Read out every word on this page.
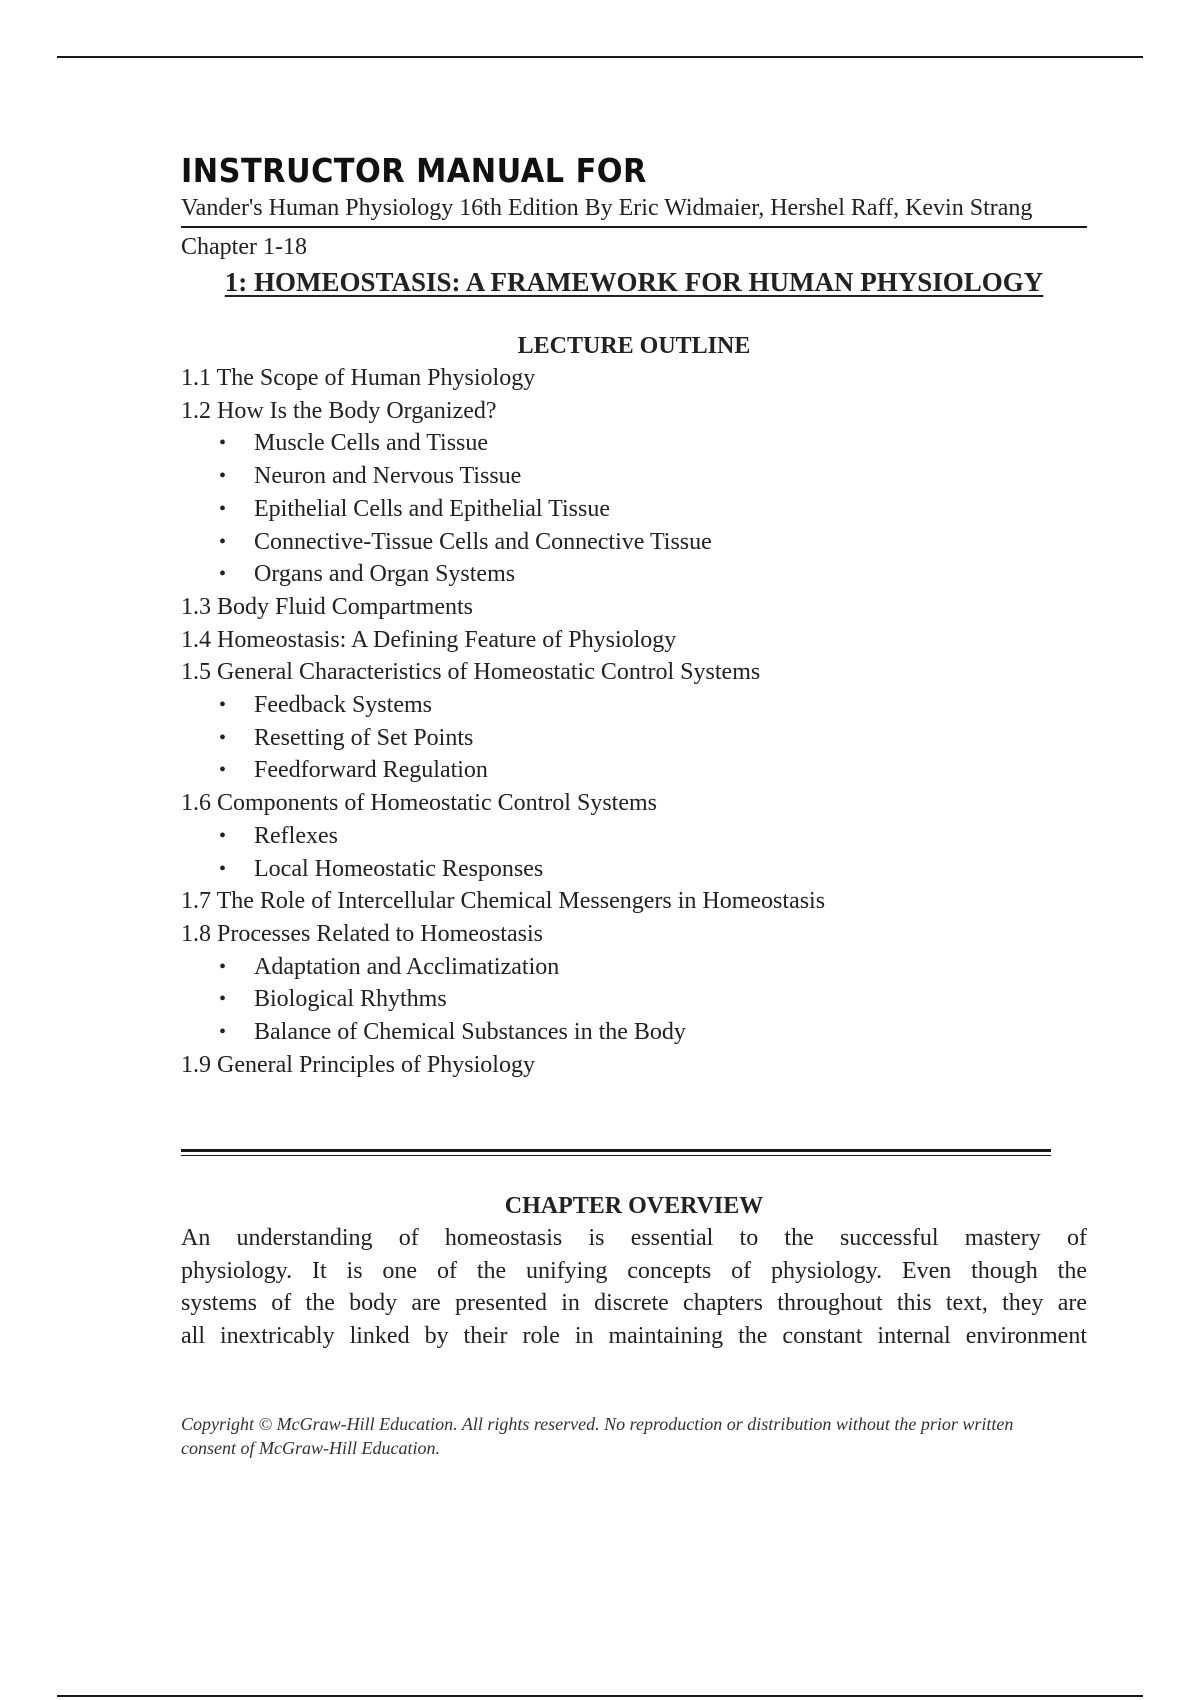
INSTRUCTOR MANUAL FOR

Vander's Human Physiology 16th Edition By Eric Widmaier, Hershel Raff, Kevin Strang

Chapter 1-18
1: HOMEOSTASIS: A FRAMEWORK FOR HUMAN PHYSIOLOGY
LECTURE OUTLINE
1.1 The Scope of Human Physiology
1.2 How Is the Body Organized?
• Muscle Cells and Tissue
• Neuron and Nervous Tissue
• Epithelial Cells and Epithelial Tissue
• Connective-Tissue Cells and Connective Tissue
• Organs and Organ Systems
1.3 Body Fluid Compartments
1.4 Homeostasis: A Defining Feature of Physiology
1.5 General Characteristics of Homeostatic Control Systems
• Feedback Systems
• Resetting of Set Points
• Feedforward Regulation
1.6 Components of Homeostatic Control Systems
• Reflexes
• Local Homeostatic Responses
1.7 The Role of Intercellular Chemical Messengers in Homeostasis
1.8 Processes Related to Homeostasis
• Adaptation and Acclimatization
• Biological Rhythms
• Balance of Chemical Substances in the Body
1.9 General Principles of Physiology
CHAPTER OVERVIEW

An understanding of homeostasis is essential to the successful mastery of

physiology. It is one of the unifying concepts of physiology. Even though the

systems of the body are presented in discrete chapters throughout this text, they are

all inextricably linked by their role in maintaining the constant internal environment

Copyright © McGraw-Hill Education. All rights reserved. No reproduction or distribution without the prior written consent of McGraw-Hill Education.
